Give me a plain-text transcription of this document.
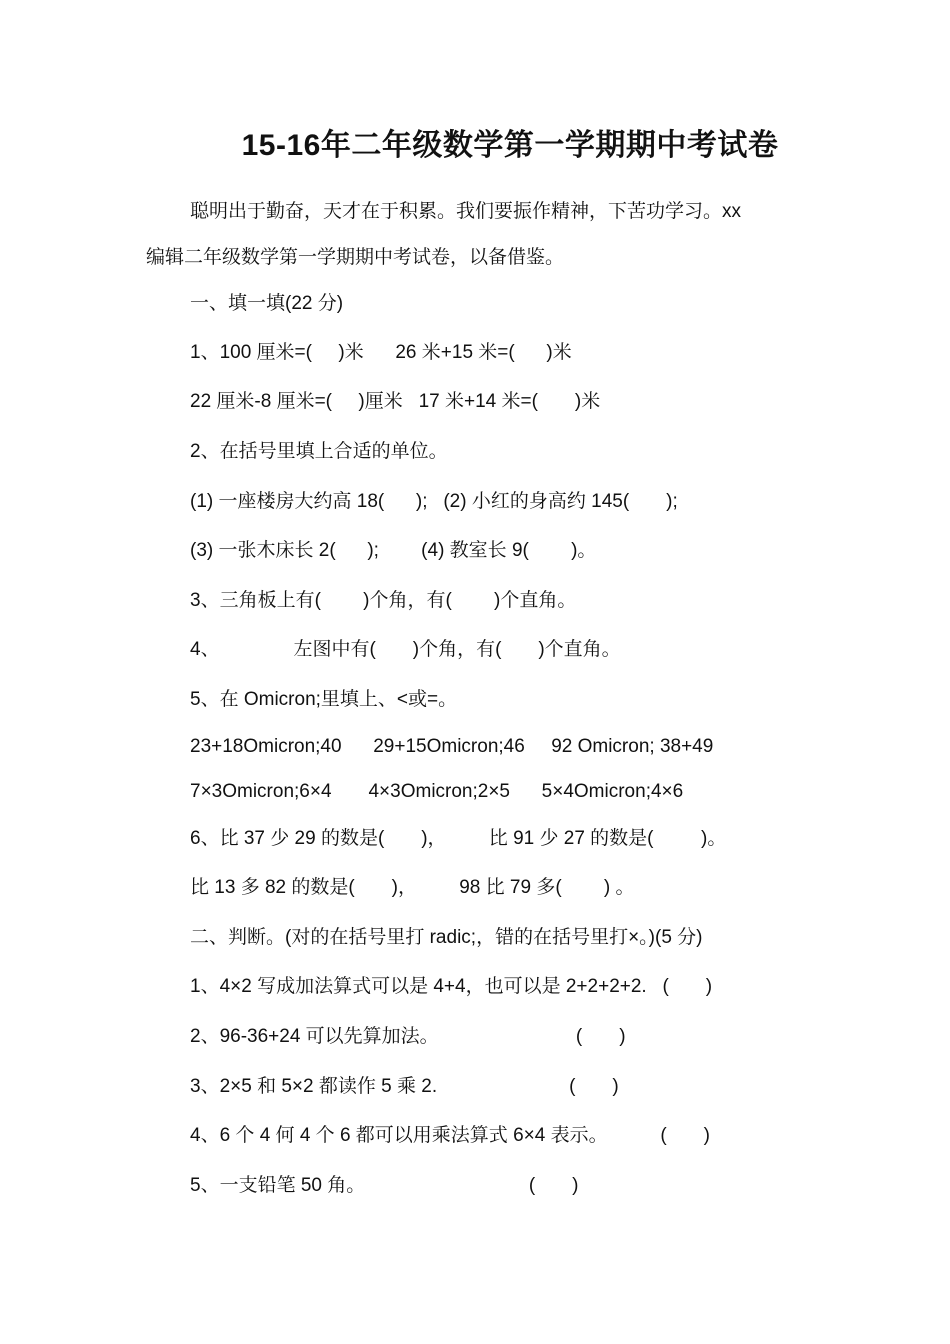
15-16年二年级数学第一学期期中考试卷
聪明出于勤奋，天才在于积累。我们要振作精神，下苦功学习。xx
编辑二年级数学第一学期期中考试卷，以备借鉴。
一、填一填(22 分)
1、100 厘米=(     )米      26 米+15 米=(      )米
22 厘米-8 厘米=(     )厘米   17 米+14 米=(       )米
2、在括号里填上合适的单位。
(1) 一座楼房大约高 18(      );   (2) 小红的身高约 145(       );
(3) 一张木床长 2(      );        (4) 教室长 9(        )。
3、三角板上有(        )个角，有(        )个直角。
4、              左图中有(       )个角，有(       )个直角。
5、在 Omicron;里填上、<或=。
23+18Omicron;40      29+15Omicron;46     92 Omicron; 38+49
7×3Omicron;6×4       4×3Omicron;2×5      5×4Omicron;4×6
6、比 37 少 29 的数是(       )，        比 91 少 27 的数是(         )。
比 13 多 82 的数是(       )，        98 比 79 多(        ) 。
二、判断。(对的在括号里打 radic;，错的在括号里打×。)(5 分)
1、4×2 写成加法算式可以是 4+4，也可以是 2+2+2+2.   (       )
2、96-36+24 可以先算加法。                          (       )
3、2×5 和 5×2 都读作 5 乘 2.                         (       )
4、6 个 4 何 4 个 6 都可以用乘法算式 6×4 表示。          (       )
5、一支铅笔 50 角。                               (       )
